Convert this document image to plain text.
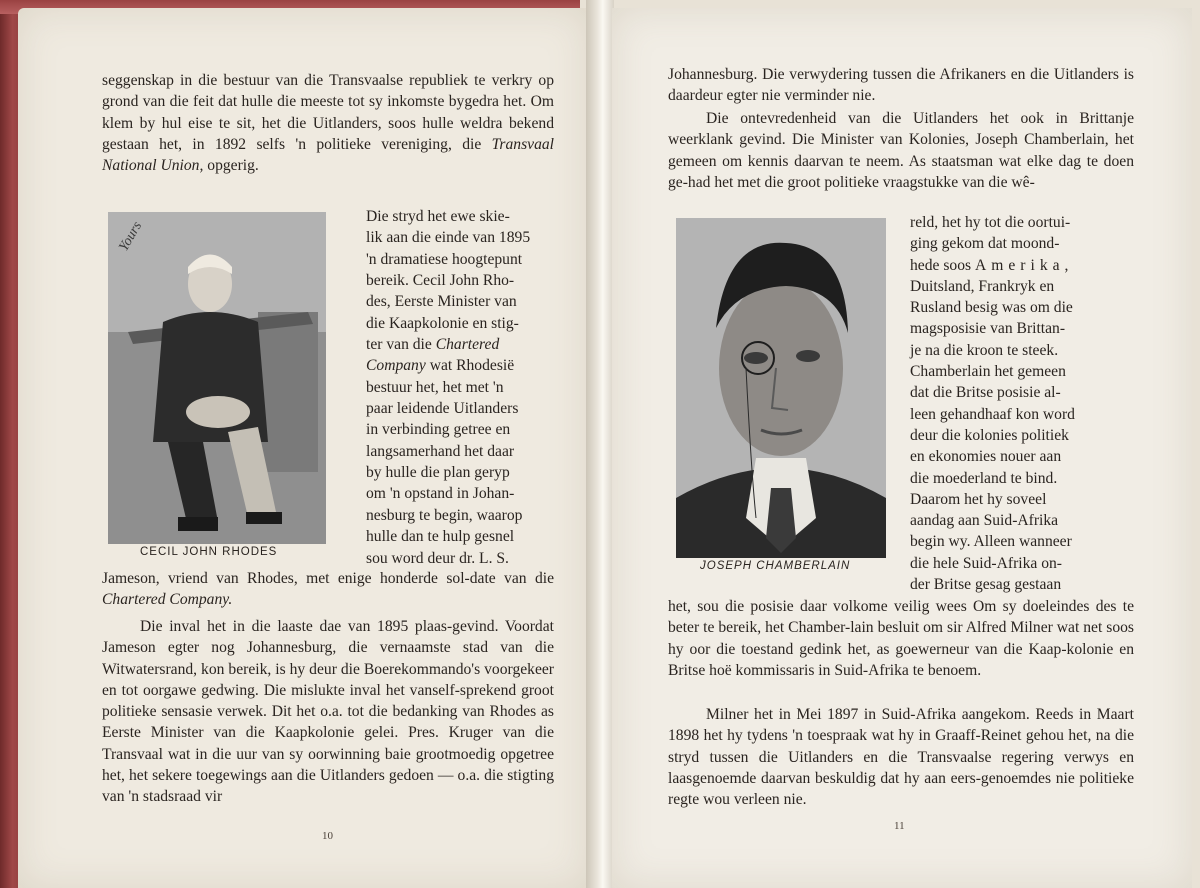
seggenskap in die bestuur van die Transvaalse republiek te verkry op grond van die feit dat hulle die meeste tot sy inkomste bygedra het. Om klem by hul eise te sit, het die Uitlanders, soos hulle weldra bekend gestaan het, in 1892 selfs 'n politieke vereniging, die Transvaal National Union, opgerig.

Yours
CECIL JOHN RHODES
Die stryd het ewe skie-
lik aan die einde van 1895
'n dramatiese hoogtepunt
bereik. Cecil John Rho-
des, Eerste Minister van
die Kaapkolonie en stig-
ter van die Chartered
Company wat Rhodesië
bestuur het, het met 'n
paar leidende Uitlanders
in verbinding getree en
langsamerhand het daar
by hulle die plan geryp
om 'n opstand in Johan-
nesburg te begin, waarop
hulle dan te hulp gesnel
sou word deur dr. L. S.

Jameson, vriend van Rhodes, met enige honderde sol-date van die Chartered Company.

Die inval het in die laaste dae van 1895 plaas-gevind. Voordat Jameson egter nog Johannesburg, die vernaamste stad van die Witwatersrand, kon bereik, is hy deur die Boerekommando's voorgekeer en tot oorgawe gedwing. Die mislukte inval het vanself-sprekend groot politieke sensasie verwek. Dit het o.a. tot die bedanking van Rhodes as Eerste Minister van die Kaapkolonie gelei. Pres. Kruger van die Transvaal wat in die uur van sy oorwinning baie grootmoedig opgetree het, het sekere toegewings aan die Uitlanders gedoen — o.a. die stigting van 'n stadsraad vir

10

Johannesburg. Die verwydering tussen die Afrikaners en die Uitlanders is daardeur egter nie verminder nie.

Die ontevredenheid van die Uitlanders het ook in Brittanje weerklank gevind. Die Minister van Kolonies, Joseph Chamberlain, het gemeen om kennis daarvan te neem. As staatsman wat elke dag te doen ge-had het met die groot politieke vraagstukke van die wê-

JOSEPH CHAMBERLAIN
reld, het hy tot die oortui-
ging gekom dat moond-
hede soos Amerika,
Duitsland, Frankryk en
Rusland besig was om die
magsposisie van Brittan-
je na die kroon te steek.
Chamberlain het gemeen
dat die Britse posisie al-
leen gehandhaaf kon word
deur die kolonies politiek
en ekonomies nouer aan
die moederland te bind.
Daarom het hy soveel
aandag aan Suid-Afrika
begin wy. Alleen wanneer
die hele Suid-Afrika on-
der Britse gesag gestaan

het, sou die posisie daar volkome veilig wees Om sy doeleindes des te beter te bereik, het Chamber-lain besluit om sir Alfred Milner wat net soos hy oor die toestand gedink het, as goewerneur van die Kaap-kolonie en Britse hoë kommissaris in Suid-Afrika te benoem.

Milner het in Mei 1897 in Suid-Afrika aangekom. Reeds in Maart 1898 het hy tydens 'n toespraak wat hy in Graaff-Reinet gehou het, na die stryd tussen die Uitlanders en die Transvaalse regering verwys en laasgenoemde daarvan beskuldig dat hy aan eers-genoemdes nie politieke regte wou verleen nie.

11
